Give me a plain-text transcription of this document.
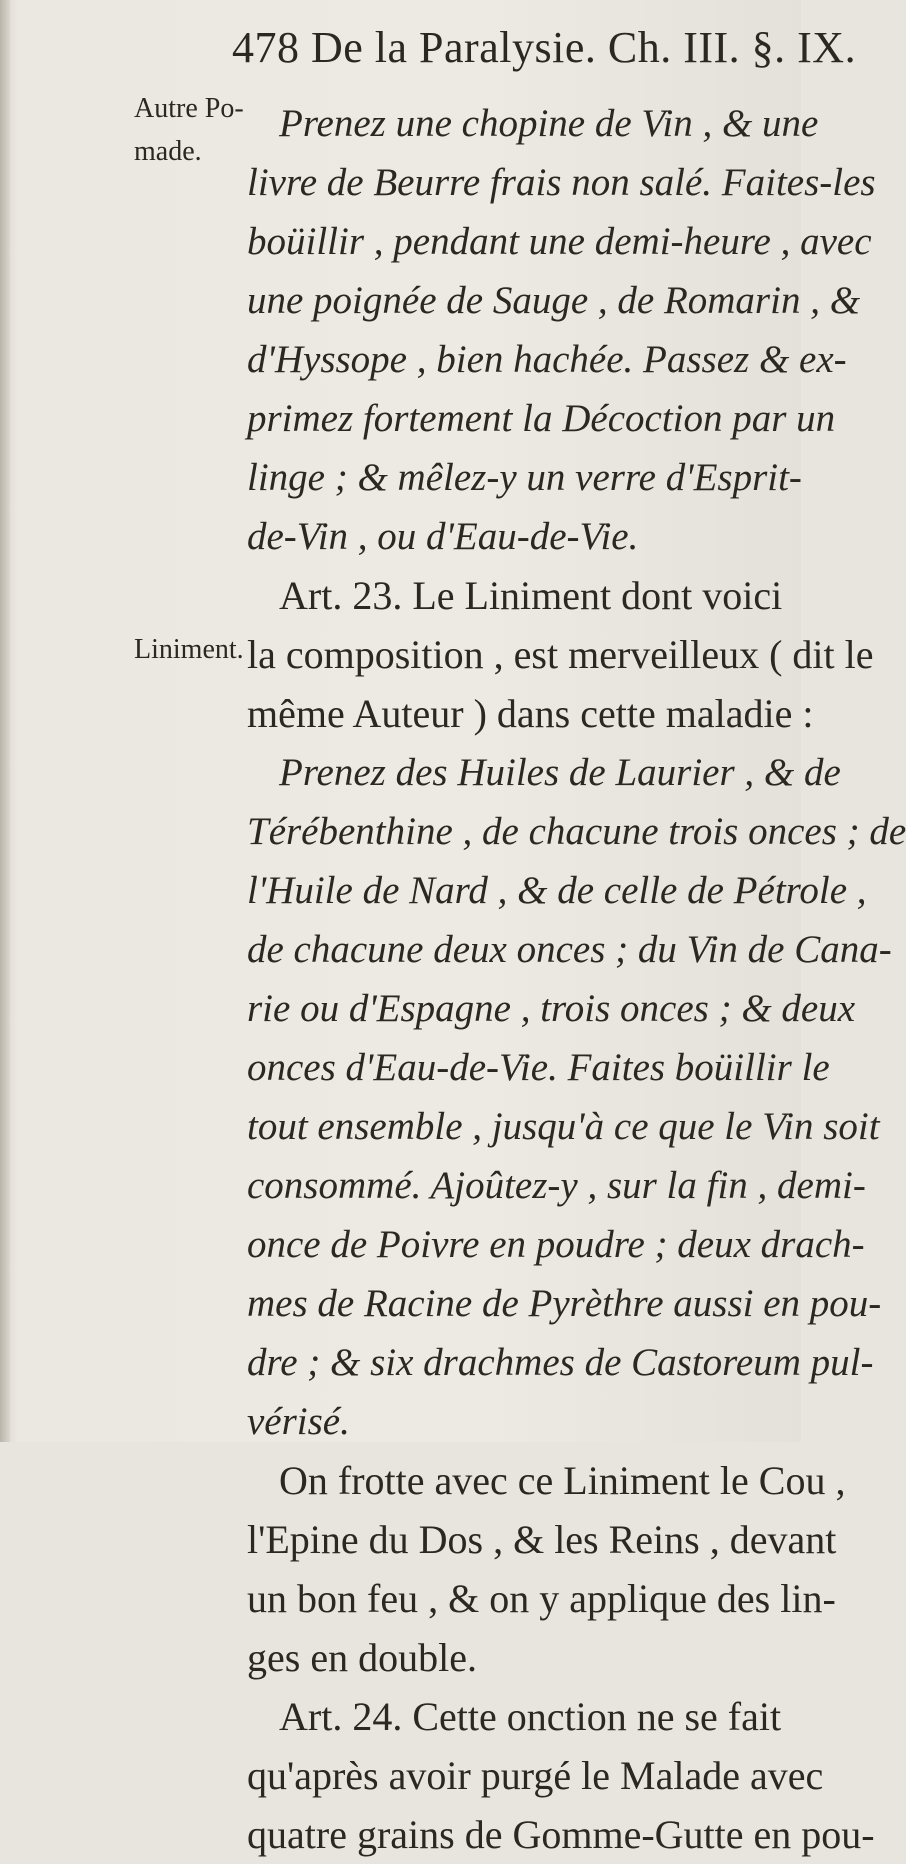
478 De la Paralysie. Ch. III. §. IX.
Autre Po-
made.
Liniment.
Prenez une chopine de Vin , & une
livre de Beurre frais non salé. Faites-les
boüillir , pendant une demi-heure , avec
une poignée de Sauge , de Romarin , &
d'Hyssope , bien hachée. Passez & ex-
primez fortement la Décoction par un
linge ; & mêlez-y un verre d'Esprit-
de-Vin , ou d'Eau-de-Vie.
Art. 23. Le Liniment dont voici
la composition , est merveilleux ( dit le
même Auteur ) dans cette maladie :
Prenez des Huiles de Laurier , & de
Térébenthine , de chacune trois onces ; de
l'Huile de Nard , & de celle de Pétrole ,
de chacune deux onces ; du Vin de Cana-
rie ou d'Espagne , trois onces ; & deux
onces d'Eau-de-Vie. Faites boüillir le
tout ensemble , jusqu'à ce que le Vin soit
consommé. Ajoûtez-y , sur la fin , demi-
once de Poivre en poudre ; deux drach-
mes de Racine de Pyrèthre aussi en pou-
dre ; & six drachmes de Castoreum pul-
vérisé.
On frotte avec ce Liniment le Cou ,
l'Epine du Dos , & les Reins , devant
un bon feu , & on y applique des lin-
ges en double.
Art. 24. Cette onction ne se fait
qu'après avoir purgé le Malade avec
quatre grains de Gomme-Gutte en pou-
